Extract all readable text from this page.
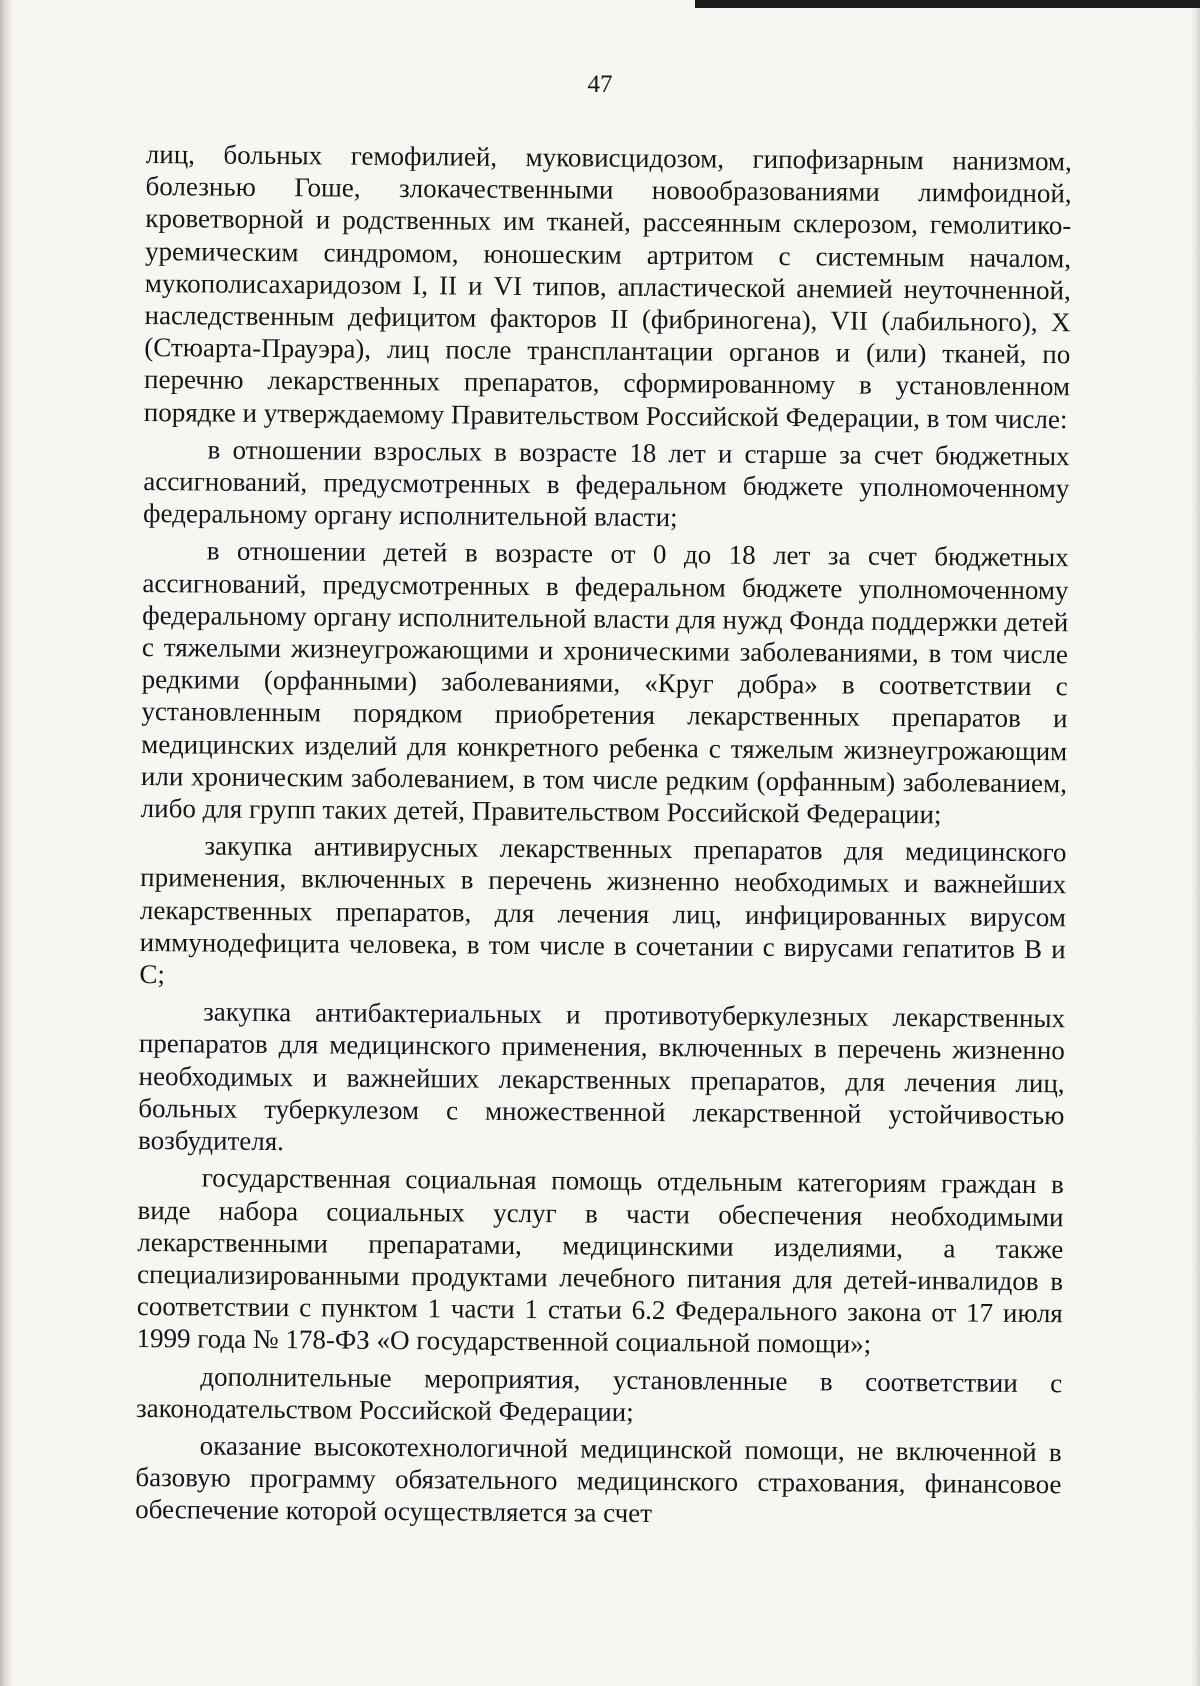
47

лиц, больных гемофилией, муковисцидозом, гипофизарным нанизмом, болезнью Гоше, злокачественными новообразованиями лимфоидной, кроветворной и родственных им тканей, рассеянным склерозом, гемолитико-уремическим синдромом, юношеским артритом с системным началом, мукополисахаридозом I, II и VI типов, апластической анемией неуточненной, наследственным дефицитом факторов II (фибриногена), VII (лабильного), X (Стюарта-Прауэра), лиц после трансплантации органов и (или) тканей, по перечню лекарственных препаратов, сформированному в установленном порядке и утверждаемому Правительством Российской Федерации, в том числе:

в отношении взрослых в возрасте 18 лет и старше за счет бюджетных ассигнований, предусмотренных в федеральном бюджете уполномоченному федеральному органу исполнительной власти;

в отношении детей в возрасте от 0 до 18 лет за счет бюджетных ассигнований, предусмотренных в федеральном бюджете уполномоченному федеральному органу исполнительной власти для нужд Фонда поддержки детей с тяжелыми жизнеугрожающими и хроническими заболеваниями, в том числе редкими (орфанными) заболеваниями, «Круг добра» в соответствии с установленным порядком приобретения лекарственных препаратов и медицинских изделий для конкретного ребенка с тяжелым жизнеугрожающим или хроническим заболеванием, в том числе редким (орфанным) заболеванием, либо для групп таких детей, Правительством Российской Федерации;

закупка антивирусных лекарственных препаратов для медицинского применения, включенных в перечень жизненно необходимых и важнейших лекарственных препаратов, для лечения лиц, инфицированных вирусом иммунодефицита человека, в том числе в сочетании с вирусами гепатитов B и C;

закупка антибактериальных и противотуберкулезных лекарственных препаратов для медицинского применения, включенных в перечень жизненно необходимых и важнейших лекарственных препаратов, для лечения лиц, больных туберкулезом с множественной лекарственной устойчивостью возбудителя.

государственная социальная помощь отдельным категориям граждан в виде набора социальных услуг в части обеспечения необходимыми лекарственными препаратами, медицинскими изделиями, а также специализированными продуктами лечебного питания для детей-инвалидов в соответствии с пунктом 1 части 1 статьи 6.2 Федерального закона от 17 июля 1999 года № 178-ФЗ «О государственной социальной помощи»;

дополнительные мероприятия, установленные в соответствии с законодательством Российской Федерации;

оказание высокотехнологичной медицинской помощи, не включенной в базовую программу обязательного медицинского страхования, финансовое обеспечение которой осуществляется за счет
